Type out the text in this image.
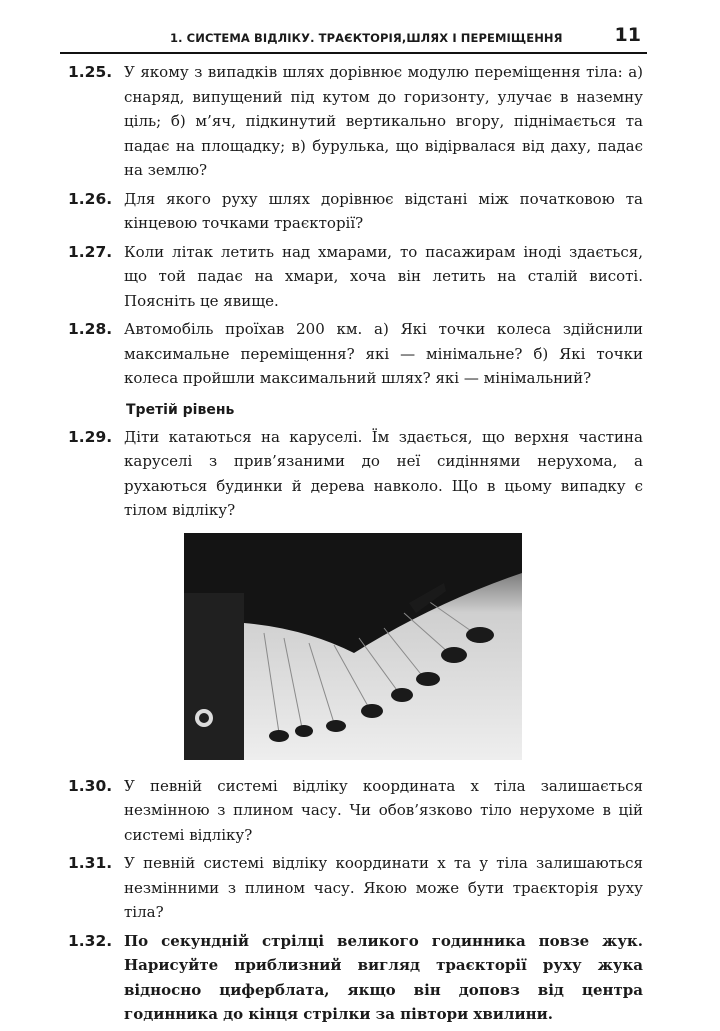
1. СИСТЕМА ВІДЛІКУ. ТРАЄКТОРІЯ,ШЛЯХ І ПЕРЕМІЩЕННЯ	11
1.25. У якому з випадків шлях дорівнює модулю переміщення тіла: а) снаряд, випущений під кутом до горизонту, улучає в наземну ціль; б) м’яч, підкинутий вертикально вгору, піднімається та падає на площадку; в) бурулька, що відірвалася від даху, падає на землю?
1.26. Для якого руху шлях дорівнює відстані між початковою та кінцевою точками траєкторії?
1.27. Коли літак летить над хмарами, то пасажирам іноді здається, що той падає на хмари, хоча він летить на сталій висоті. Поясніть це явище.
1.28. Автомобіль проїхав 200 км. а) Які точки колеса здійснили максимальне переміщення? які — мінімальне? б) Які точки колеса пройшли максимальний шлях? які — мінімальний?
Третій рівень
1.29. Діти катаються на каруселі. Їм здається, що верхня частина каруселі з прив’язаними до неї сидіннями нерухома, а рухаються будинки й дерева навколо. Що в цьому випадку є тілом відліку?
1.30. У певній системі відліку координата x тіла залишається незмінною з плином часу. Чи обов’язково тіло нерухоме в цій системі відліку?
1.31. У певній системі відліку координати x та y тіла залишаються незмінними з плином часу. Якою може бути траєкторія руху тіла?
1.32. По секундній стрілці великого годинника повзе жук. Нарисуйте приблизний вигляд траєкторії руху жука відносно циферблата, якщо він доповз від центра годинника до кінця стрілки за півтори хвилини.
